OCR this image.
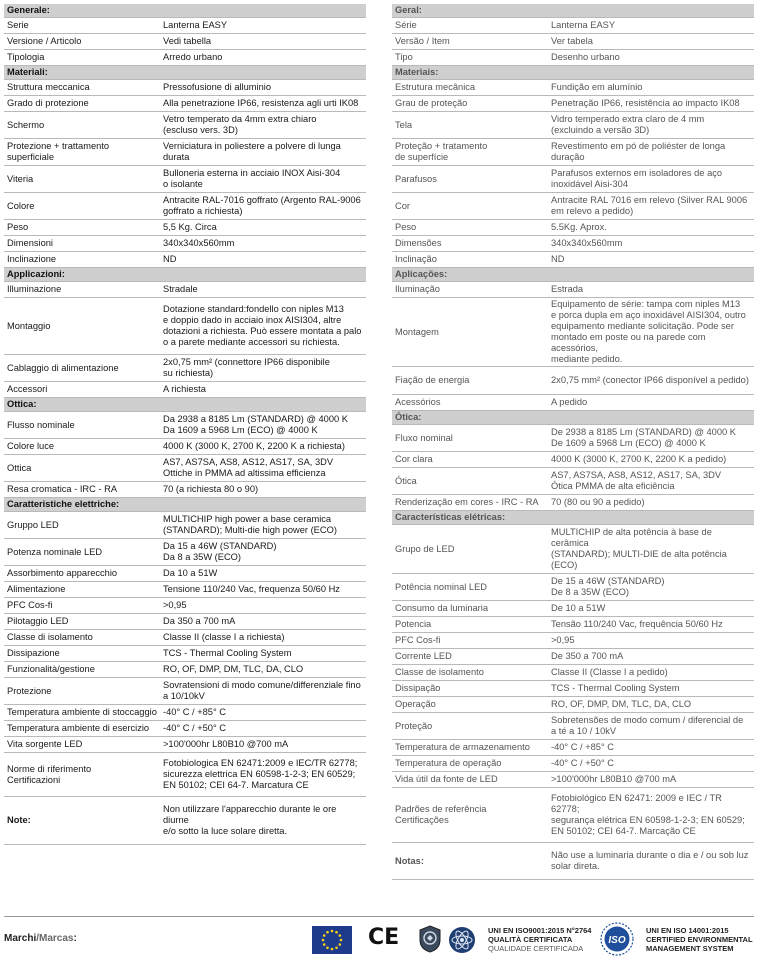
Generale:	
Serie	Lanterna EASY

Versione / Articolo	Vedi tabella

Tipologia	Arredo urbano

Materiali:	
Struttura meccanica	Pressofusione di alluminio

Grado di protezione	Alla penetrazione IP66, resistenza agli urti IK08

Schermo	Vetro temperato da 4mm extra chiaro
(escluso vers. 3D)

Protezione + trattamento
superficiale	Verniciatura in poliestere a polvere di lunga
durata

Viteria	Bulloneria esterna in acciaio INOX Aisi-304
o isolante

Colore	Antracite RAL-7016 goffrato (Argento RAL-9006
goffrato a richiesta)

Peso	5,5 Kg. Circa

Dimensioni	340x340x560mm

Inclinazione	ND

Applicazioni:	
Illuminazione	Stradale

Montaggio	Dotazione standard:fondello con niples M13
e doppio dado in acciaio inox AISI304, altre
dotazioni a richiesta. Può essere montata a palo
o a parete mediante accessori su richiesta.

Cablaggio di alimentazione	2x0,75 mm² (connettore IP66 disponibile
su richiesta)

Accessori	A richiesta

Ottica:	
Flusso nominale	Da 2938 a 8185 Lm (STANDARD) @ 4000 K
Da 1609 a 5968 Lm (ECO) @ 4000 K

Colore luce	4000 K (3000 K, 2700 K, 2200 K a richiesta)

Ottica	AS7, AS7SA, AS8, AS12, AS17, SA, 3DV
Ottiche in PMMA ad altissima efficienza

Resa cromatica - IRC - RA	70 (a richiesta 80 o 90)

Caratteristiche elettriche:	
Gruppo LED	MULTICHIP high power a base ceramica
(STANDARD); Multi-die high power (ECO)

Potenza nominale LED	Da 15 a 46W (STANDARD)
Da 8 a 35W (ECO)

Assorbimento apparecchio	Da 10 a 51W

Alimentazione	Tensione 110/240 Vac, frequenza 50/60 Hz

PFC Cos-fi	>0,95

Pilotaggio LED	Da 350 a 700 mA

Classe di isolamento	Classe II (classe I a richiesta)

Dissipazione	TCS - Thermal Cooling System

Funzionalità/gestione	RO, OF, DMP, DM, TLC, DA, CLO

Protezione	Sovratensioni di modo comune/differenziale fino
a 10/10kV

Temperatura ambiente di stoccaggio	-40° C / +85° C

Temperatura ambiente di esercizio	-40° C / +50° C

Vita sorgente LED	>100'000hr L80B10 @700 mA

Norme di riferimento
Certificazioni	Fotobiologica EN 62471:2009 e IEC/TR 62778;
sicurezza elettrica EN 60598-1-2-3; EN 60529;
EN 50102; CEI 64-7. Marcatura CE

Note:	Non utilizzare l'apparecchio durante le ore diurne
e/o sotto la luce solare diretta.
Geral:	
Série	Lanterna EASY

Versão / Item	Ver tabela

Tipo	Desenho urbano

Materiais:	
Estrutura mecânica	Fundição em alumínio

Grau de proteção	Penetração IP66, resistência ao impacto IK08

Tela	Vidro temperado extra claro de 4 mm
(excluindo a versão 3D)

Proteção + tratamento
de superfície	Revestimento em pó de poliéster de longa
duração

Parafusos	Parafusos externos em isoladores de aço
inoxidável Aisi-304

Cor	Antracite RAL 7016 em relevo (Silver RAL 9006
em relevo a pedido)

Peso	5.5Kg. Aprox.

Dimensões	340x340x560mm

Inclinação	ND

Aplicações:	
Iluminação	Estrada

Montagem	Equipamento de série: tampa com niples M13
e porca dupla em aço inoxidável AISI304, outro
equipamento mediante solicitação. Pode ser
montado em poste ou na parede com acessórios,
mediante pedido.

Fiação de energia	2x0,75 mm² (conector IP66 disponível a pedido)

Acessórios	A pedido

Ótica:	
Fluxo nominal	De 2938 a 8185 Lm (STANDARD) @ 4000 K
De 1609 a 5968 Lm (ECO) @ 4000 K

Cor clara	4000 K (3000 K, 2700 K, 2200 K a pedido)

Ótica	AS7, AS7SA, AS8, AS12, AS17, SA, 3DV
Ótica PMMA de alta eficiência

Renderização em cores - IRC - RA	70 (80 ou 90 a pedido)

Características elétricas:	
Grupo de LED	MULTICHIP de alta potência à base de cerâmica
(STANDARD); MULTI-DIE de alta potência (ECO)

Potência nominal LED	De 15 a 46W (STANDARD)
De 8 a 35W (ECO)

Consumo da luminaria	De 10 a 51W

Potencia	Tensão 110/240 Vac, frequência 50/60 Hz

PFC Cos-fi	>0,95

Corrente LED	De 350 a 700 mA

Classe de isolamento	Classe II (Classe I a pedido)

Dissipação	TCS - Thermal Cooling System

Operação	RO, OF, DMP, DM, TLC, DA, CLO

Proteção	Sobretensões de modo comum / diferencial de
a té a 10 / 10kV

Temperatura de armazenamento	-40° C / +85° C

Temperatura de operação	-40° C / +50° C

Vida útil da fonte de LED	>100'000hr L80B10 @700 mA

Padrões de referência
Certificações	Fotobiológico EN 62471: 2009 e IEC / TR 62778;
segurança elétrica EN 60598-1-2-3; EN 60529;
EN 50102; CEI 64-7. Marcação CE

Notas:	Não use a luminaria durante o dia e / ou sob luz
solar direta.
Marchi/Marcas:	CE	UNI EN ISO9001:2015 N°2764
QUALITÀ CERTIFICATA
QUALIDADE CERTIFICADA
ISO
UNI EN ISO 14001:2015
CERTIFIED ENVIRONMENTAL
MANAGEMENT SYSTEM
